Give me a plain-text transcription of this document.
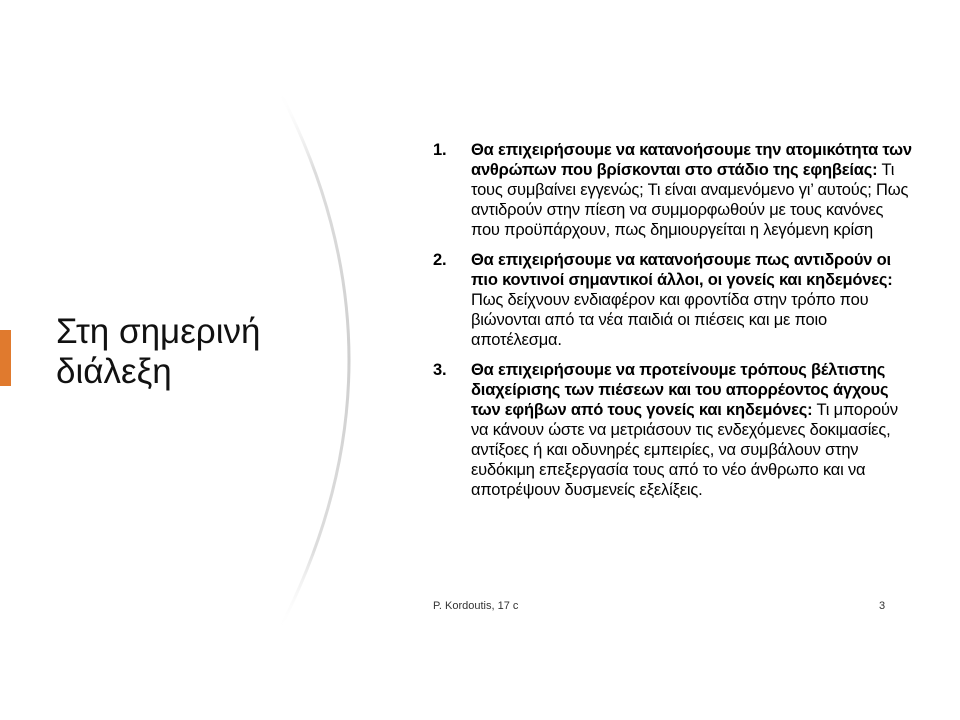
Στη σημερινή διάλεξη
1. Θα επιχειρήσουμε να κατανοήσουμε την ατομικότητα των ανθρώπων που βρίσκονται στο στάδιο της εφηβείας: Τι τους συμβαίνει εγγενώς; Τι είναι αναμενόμενο γι’ αυτούς; Πως αντιδρούν στην πίεση να συμμορφωθούν με τους κανόνες που προϋπάρχουν, πως δημιουργείται η λεγόμενη κρίση
2. Θα επιχειρήσουμε να κατανοήσουμε πως αντιδρούν οι πιο κοντινοί σημαντικοί άλλοι, οι γονείς και κηδεμόνες: Πως δείχνουν ενδιαφέρον και φροντίδα στην τρόπο που βιώνονται από τα νέα παιδιά οι πιέσεις και με ποιο αποτέλεσμα.
3. Θα επιχειρήσουμε να προτείνουμε τρόπους βέλτιστης διαχείρισης των πιέσεων και του απορρέοντος άγχους των εφήβων από τους γονείς και κηδεμόνες: Τι μπορούν να κάνουν ώστε να μετριάσουν τις ενδεχόμενες δοκιμασίες, αντίξοες ή και οδυνηρές εμπειρίες, να συμβάλουν στην ευδόκιμη επεξεργασία τους από το νέο άνθρωπο και να αποτρέψουν δυσμενείς εξελίξεις.
P. Kordoutis, 17 c	3
